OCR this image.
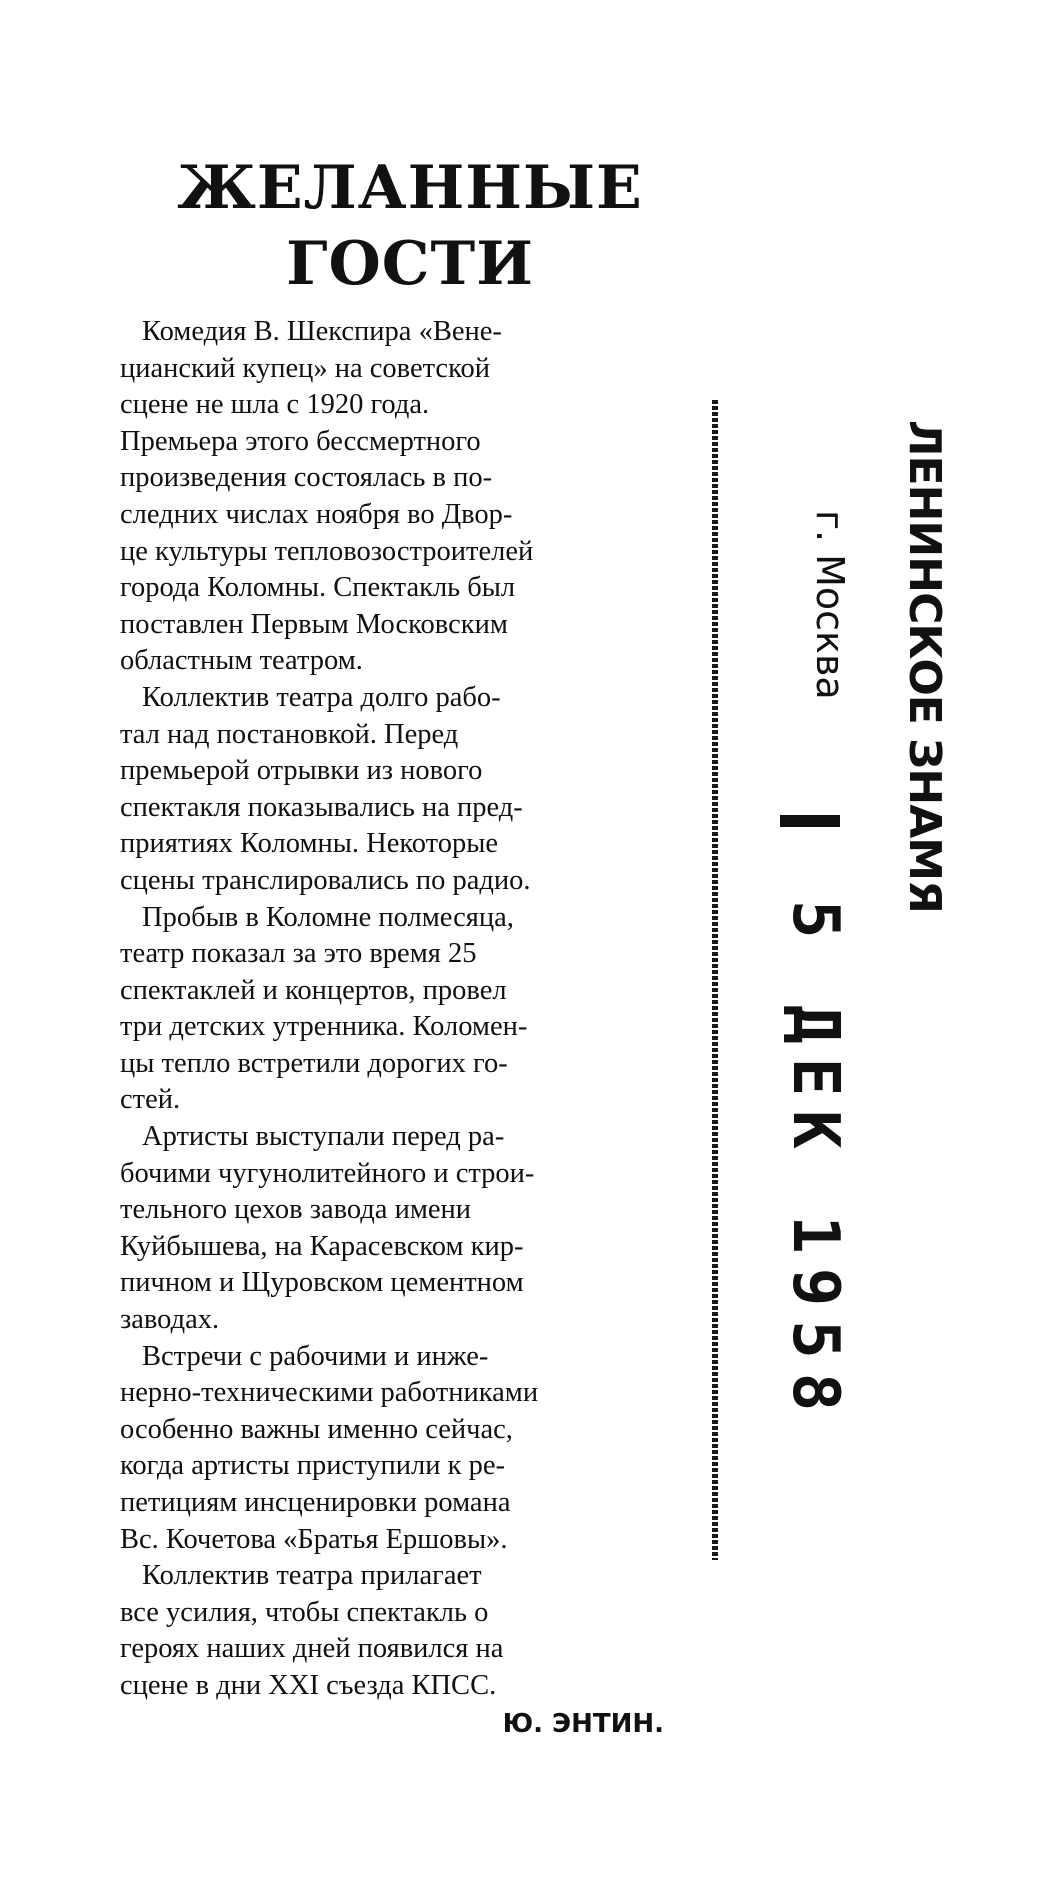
ЖЕЛАННЫЕ
ГОСТИ

Комедия В. Шекспира «Вене-

цианский купец» на советской

сцене не шла с 1920 года.

Премьера этого бессмертного

произведения состоялась в по-

следних числах ноября во Двор-

це культуры тепловозостроителей

города Коломны. Спектакль был

поставлен Первым Московским

областным театром.

Коллектив театра долго рабо-

тал над постановкой. Перед

премьерой отрывки из нового

спектакля показывались на пред-

приятиях Коломны. Некоторые

сцены транслировались по радио.

Пробыв в Коломне полмесяца,

театр показал за это время 25

спектаклей и концертов, провел

три детских утренника. Коломен-

цы тепло встретили дорогих го-

стей.

Артисты выступали перед ра-

бочими чугунолитейного и строи-

тельного цехов завода имени

Куйбышева, на Карасевском кир-

пичном и Щуровском цементном

заводах.

Встречи с рабочими и инже-

нерно-техническими работниками

особенно важны именно сейчас,

когда артисты приступили к ре-

петициям инсценировки романа

Вс. Кочетова «Братья Ершовы».

Коллектив театра прилагает

все усилия, чтобы спектакль о

героях наших дней появился на

сцене в дни XXI съезда КПСС.

Ю. ЭНТИН.
ЛЕНИНСКОЕ ЗНАМЯ
г. Москва
5 ДЕК 1958
